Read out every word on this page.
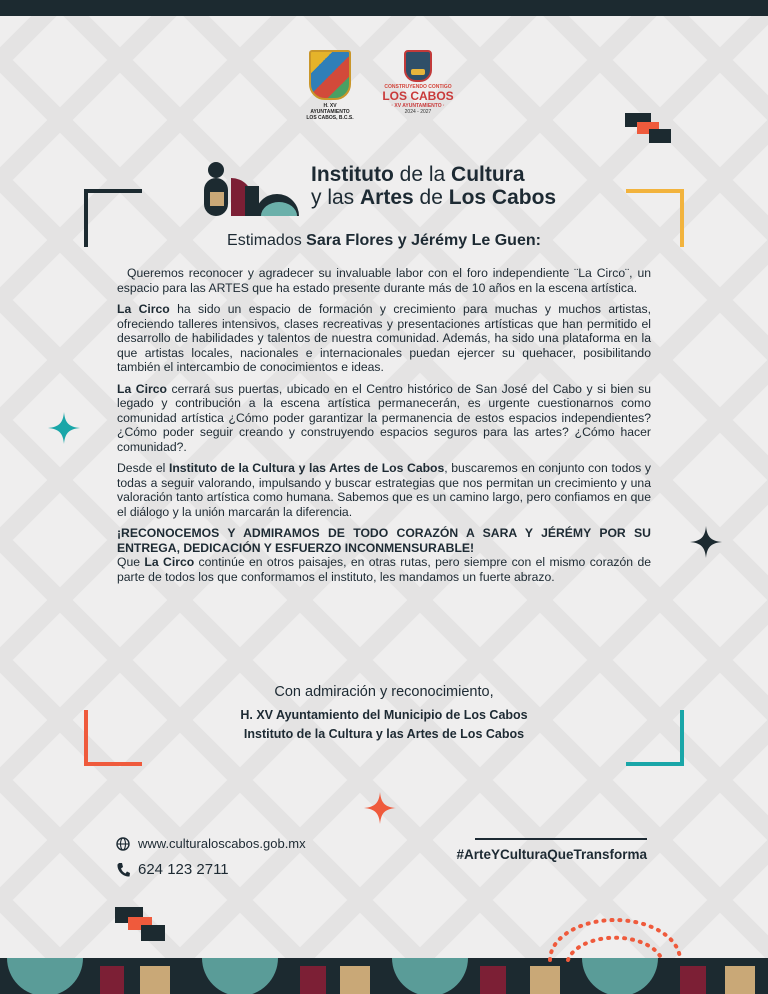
H. XV AYUNTAMIENTO
LOS CABOS, B.C.S.
CONSTRUYENDO CONTIGO
LOS CABOS
· XV AYUNTAMIENTO ·
2024 - 2027
Instituto de la Cultura
y las Artes de Los Cabos
Estimados Sara Flores y Jérémy Le Guen:

Queremos reconocer y agradecer su invaluable labor con el foro independiente ¨La Circo¨, un espacio para las ARTES que ha estado presente durante más de 10 años en la escena artística.

La Circo ha sido un espacio de formación y crecimiento para muchas y muchos artistas, ofreciendo talleres intensivos, clases recreativas y presentaciones artísticas que han permitido el desarrollo de habilidades y talentos de nuestra comunidad. Además, ha sido una plataforma en la que artistas locales, nacionales e internacionales puedan ejercer su quehacer, posibilitando también el intercambio de conocimientos e ideas.

La Circo cerrará sus puertas, ubicado en el Centro histórico de San José del Cabo y si bien su legado y contribución a la escena artística permanecerán, es urgente cuestionarnos como comunidad artística ¿Cómo poder garantizar la permanencia de estos espacios independientes? ¿Cómo poder seguir creando y construyendo espacios seguros para las artes? ¿Cómo hacer comunidad?.

Desde el Instituto de la Cultura y las Artes de Los Cabos, buscaremos en conjunto con todos y todas a seguir valorando, impulsando y buscar estrategias que nos permitan un crecimiento y una valoración tanto artística como humana. Sabemos que es un camino largo, pero confiamos en que el diálogo y la unión marcarán la diferencia.

¡RECONOCEMOS Y ADMIRAMOS DE TODO CORAZÓN A SARA Y JÉRÉMY POR SU ENTREGA, DEDICACIÓN Y ESFUERZO INCONMENSURABLE!

Que La Circo continúe en otros paisajes, en otras rutas, pero siempre con el mismo corazón de parte de todos los que conformamos el instituto, les mandamos un fuerte abrazo.

Con admiración y reconocimiento,
H. XV Ayuntamiento del Municipio de Los Cabos
Instituto de la Cultura y las Artes de Los Cabos
www.culturaloscabos.gob.mx
624 123 2711
#ArteYCulturaQueTransforma
